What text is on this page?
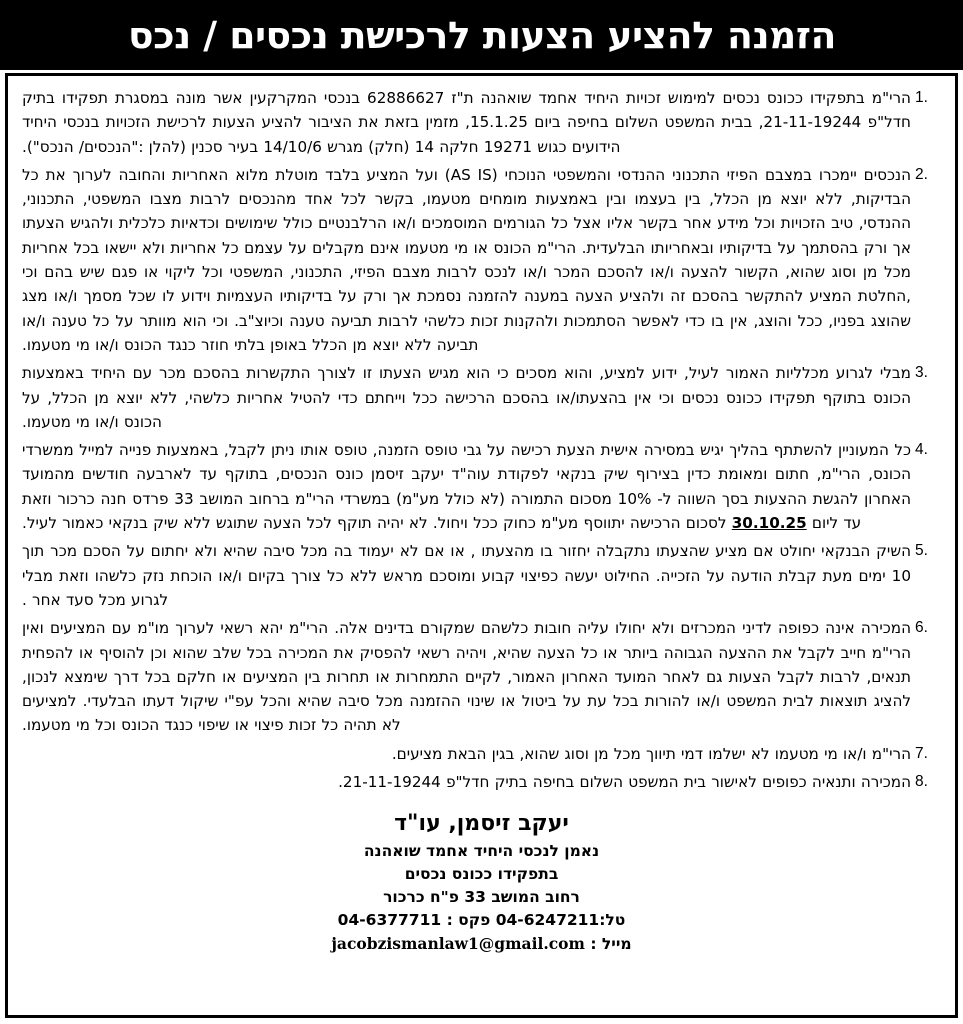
הזמנה להציע הצעות לרכישת נכסים / נכס
1.
הרי"מ בתפקידו ככונס נכסים למימוש זכויות היחיד אחמד שואהנה ת"ז 62886627 בנכסי המקרקעין אשר מונה במסגרת תפקידו בתיק חדל"פ 21-11-19244, בבית המשפט השלום בחיפה ביום 15.1.25, מזמין בזאת את הציבור להציע הצעות לרכישת הזכויות בנכסי היחיד הידועים כגוש 19271 חלקה 14 (חלק) מגרש 14/10/6 בעיר סכנין (להלן :"הנכסים/ הנכס").
2.
הנכסים יימכרו במצבם הפיזי התכנוני ההנדסי והמשפטי הנוכחי (AS IS) ועל המציע בלבד מוטלת מלוא האחריות והחובה לערוך את כל הבדיקות, ללא יוצא מן הכלל, בין בעצמו ובין באמצעות מומחים מטעמו, בקשר לכל אחד מהנכסים לרבות מצבו המשפטי, התכנוני, ההנדסי, טיב הזכויות וכל מידע אחר בקשר אליו אצל כל הגורמים המוסמכים ו/או הרלבנטיים כולל שימושים וכדאיות כלכלית ולהגיש הצעתו אך ורק בהסתמך על בדיקותיו ובאחריותו הבלעדית. הרי"מ הכונס או מי מטעמו אינם מקבלים על עצמם כל אחריות ולא יישאו בכל אחריות מכל מן וסוג שהוא, הקשור להצעה ו/או להסכם המכר ו/או לנכס לרבות מצבם הפיזי, התכנוני, המשפטי וכל ליקוי או פגם שיש בהם וכי ,החלטת המציע להתקשר בהסכם זה ולהציע הצעה במענה להזמנה נסמכת אך ורק על בדיקותיו העצמיות וידוע לו שכל מסמך ו/או מצג שהוצג בפניו, ככל והוצג, אין בו כדי לאפשר הסתמכות ולהקנות זכות כלשהי לרבות תביעה טענה וכיוצ"ב. וכי הוא מוותר על כל טענה ו/או תביעה ללא יוצא מן הכלל באופן בלתי חוזר כנגד הכונס ו/או מי מטעמו.
3.
מבלי לגרוע מכלליות האמור לעיל, ידוע למציע, והוא מסכים כי הוא מגיש הצעתו זו לצורך התקשרות בהסכם מכר עם היחיד באמצעות הכונס בתוקף תפקידו ככונס נכסים וכי אין בהצעתו/או בהסכם הרכישה ככל וייחתם כדי להטיל אחריות כלשהי, ללא יוצא מן הכלל, על הכונס ו/או מי מטעמו.
4.
כל המעוניין להשתתף בהליך יגיש במסירה אישית הצעת רכישה על גבי טופס הזמנה, טופס אותו ניתן לקבל, באמצעות פנייה למייל ממשרדי הכונס, הרי"מ, חתום ומאומת כדין בצירוף שיק בנקאי לפקודת עוה"ד יעקב זיסמן כונס הנכסים, בתוקף עד לארבעה חודשים מהמועד האחרון להגשת ההצעות בסך השווה ל- 10% מסכום התמורה (לא כולל מע"מ) במשרדי הרי"מ ברחוב המושב 33 פרדס חנה כרכור וזאת עד ליום 30.10.25 לסכום הרכישה יתווסף מע"מ כחוק ככל ויחול. לא יהיה תוקף לכל הצעה שתוגש ללא שיק בנקאי כאמור לעיל.
5.
השיק הבנקאי יחולט אם מציע שהצעתו נתקבלה יחזור בו מהצעתו , או אם לא יעמוד בה מכל סיבה שהיא ולא יחתום על הסכם מכר תוך 10 ימים מעת קבלת הודעה על הזכייה. החילוט יעשה כפיצוי קבוע ומוסכם מראש ללא כל צורך בקיום ו/או הוכחת נזק כלשהו וזאת מבלי לגרוע מכל סעד אחר .
6.
המכירה אינה כפופה לדיני המכרזים ולא יחולו עליה חובות כלשהם שמקורם בדינים אלה. הרי"מ יהא רשאי לערוך מו"מ עם המציעים ואין הרי"מ חייב לקבל את ההצעה הגבוהה ביותר או כל הצעה שהיא, ויהיה רשאי להפסיק את המכירה בכל שלב שהוא וכן להוסיף או להפחית תנאים, לרבות לקבל הצעות גם לאחר המועד האחרון האמור, לקיים התמחרות או תחרות בין המציעים או חלקם בכל דרך שימצא לנכון, להציג תוצאות לבית המשפט ו/או להורות בכל עת על ביטול או שינוי ההזמנה מכל סיבה שהיא והכל עפ"י שיקול דעתו הבלעדי. למציעים לא תהיה כל זכות פיצוי או שיפוי כנגד הכונס וכל מי מטעמו.
7.
הרי"מ ו/או מי מטעמו לא ישלמו דמי תיווך מכל מן וסוג שהוא, בגין הבאת מציעים.
8.
המכירה ותנאיה כפופים לאישור בית המשפט השלום בחיפה בתיק חדל"פ 21-11-19244.
יעקב זיסמן, עו"ד
נאמן לנכסי היחיד אחמד שואהנה
בתפקידו ככונס נכסים
רחוב המושב 33 פ"ח כרכור
טל:04-6247211 פקס : 04-6377711
מייל : jacobzismanlaw1@gmail.com
